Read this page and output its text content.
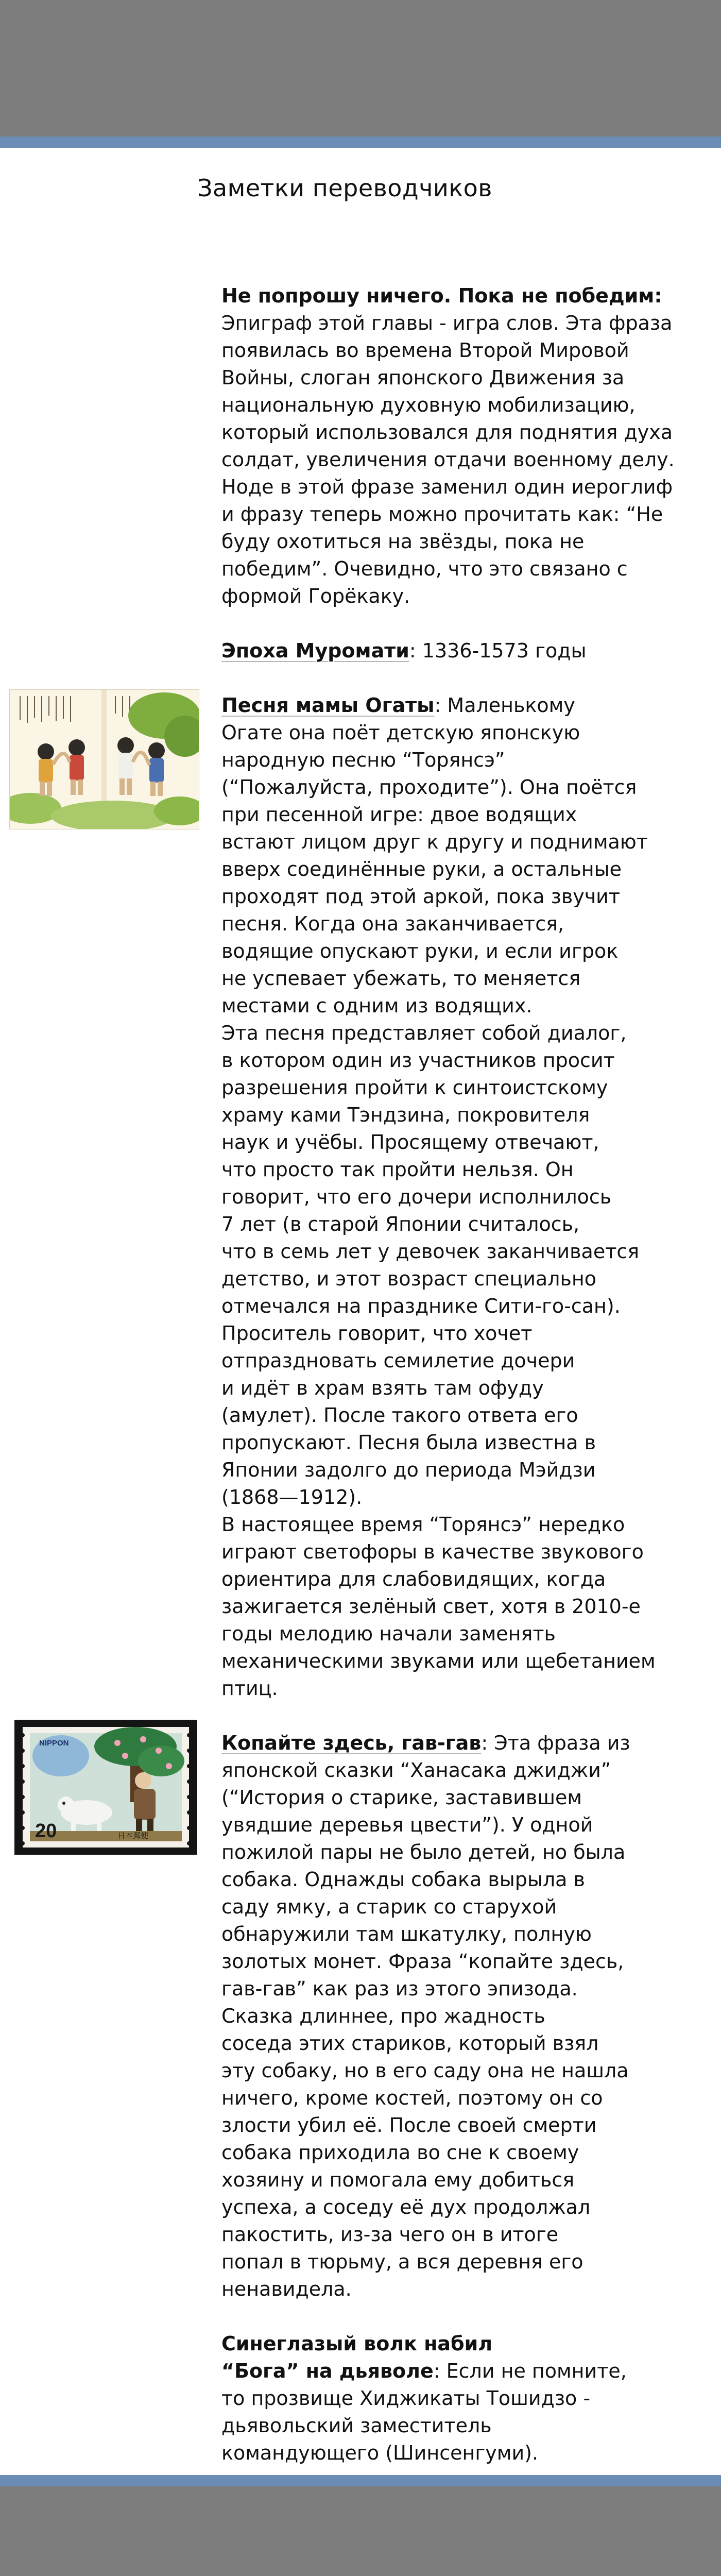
Заметки переводчиков

Не попрошу ничего. Пока не победим:
Эпиграф этой главы - игра слов. Эта фраза появилась во времена Второй Мировой Войны, слоган японского Движения за национальную духовную мобилизацию, который использовался для поднятия духа солдат, увеличения отдачи военному делу. Ноде в этой фразе заменил один иероглиф и фразу теперь можно прочитать как: “Не буду охотиться на звёзды, пока не победим”. Очевидно, что это связано с формой Горёкаку.

Эпоха Муромати: 1336-1573 годы

Песня мамы Огаты: Маленькому
Огате она поёт детскую японскую
народную песню “Торянсэ”
(“Пожалуйста, проходите”). Она поётся
при песенной игре: двое водящих
встают лицом друг к другу и поднимают
вверх соединённые руки, а остальные
проходят под этой аркой, пока звучит
песня. Когда она заканчивается,
водящие опускают руки, и если игрок
не успевает убежать, то меняется
местами с одним из водящих.
Эта песня представляет собой диалог,
в котором один из участников просит
разрешения пройти к синтоистскому
храму ками Тэндзина, покровителя
наук и учёбы. Просящему отвечают,
что просто так пройти нельзя. Он
говорит, что его дочери исполнилось
7 лет (в старой Японии считалось,
что в семь лет у девочек заканчивается
детство, и этот возраст специально
отмечался на празднике Сити-го-сан).
Проситель говорит, что хочет
отпраздновать семилетие дочери
и идёт в храм взять там офуду
(амулет). После такого ответа его
пропускают. Песня была известна в
Японии задолго до периода Мэйдзи
(1868—1912).
В настоящее время “Торянсэ” нередко
играют светофоры в качестве звукового
ориентира для слабовидящих, когда
зажигается зелёный свет, хотя в 2010-е
годы мелодию начали заменять
механическими звуками или щебетанием
птиц.

Копайте здесь, гав-гав: Эта фраза из
японской сказки “Ханасака джиджи”
(“История о старике, заставившем
увядшие деревья цвести”). У одной
пожилой пары не было детей, но была
собака. Однажды собака вырыла в
саду ямку, а старик со старухой
обнаружили там шкатулку, полную
золотых монет. Фраза “копайте здесь,
гав-гав” как раз из этого эпизода.
Сказка длиннее, про жадность
соседа этих стариков, который взял
эту собаку, но в его саду она не нашла
ничего, кроме костей, поэтому он со
злости убил её. После своей смерти
собака приходила во сне к своему
хозяину и помогала ему добиться
успеха, а соседу её дух продолжал
пакостить, из-за чего он в итоге
попал в тюрьму, а вся деревня его
ненавидела.

Синеглазый волк набил
“Бога” на дьяволе: Если не помните,
то прозвище Хиджикаты Тошидзо -
дьявольский заместитель
командующего (Шинсенгуми).

NIPPON
20	日本郵便
